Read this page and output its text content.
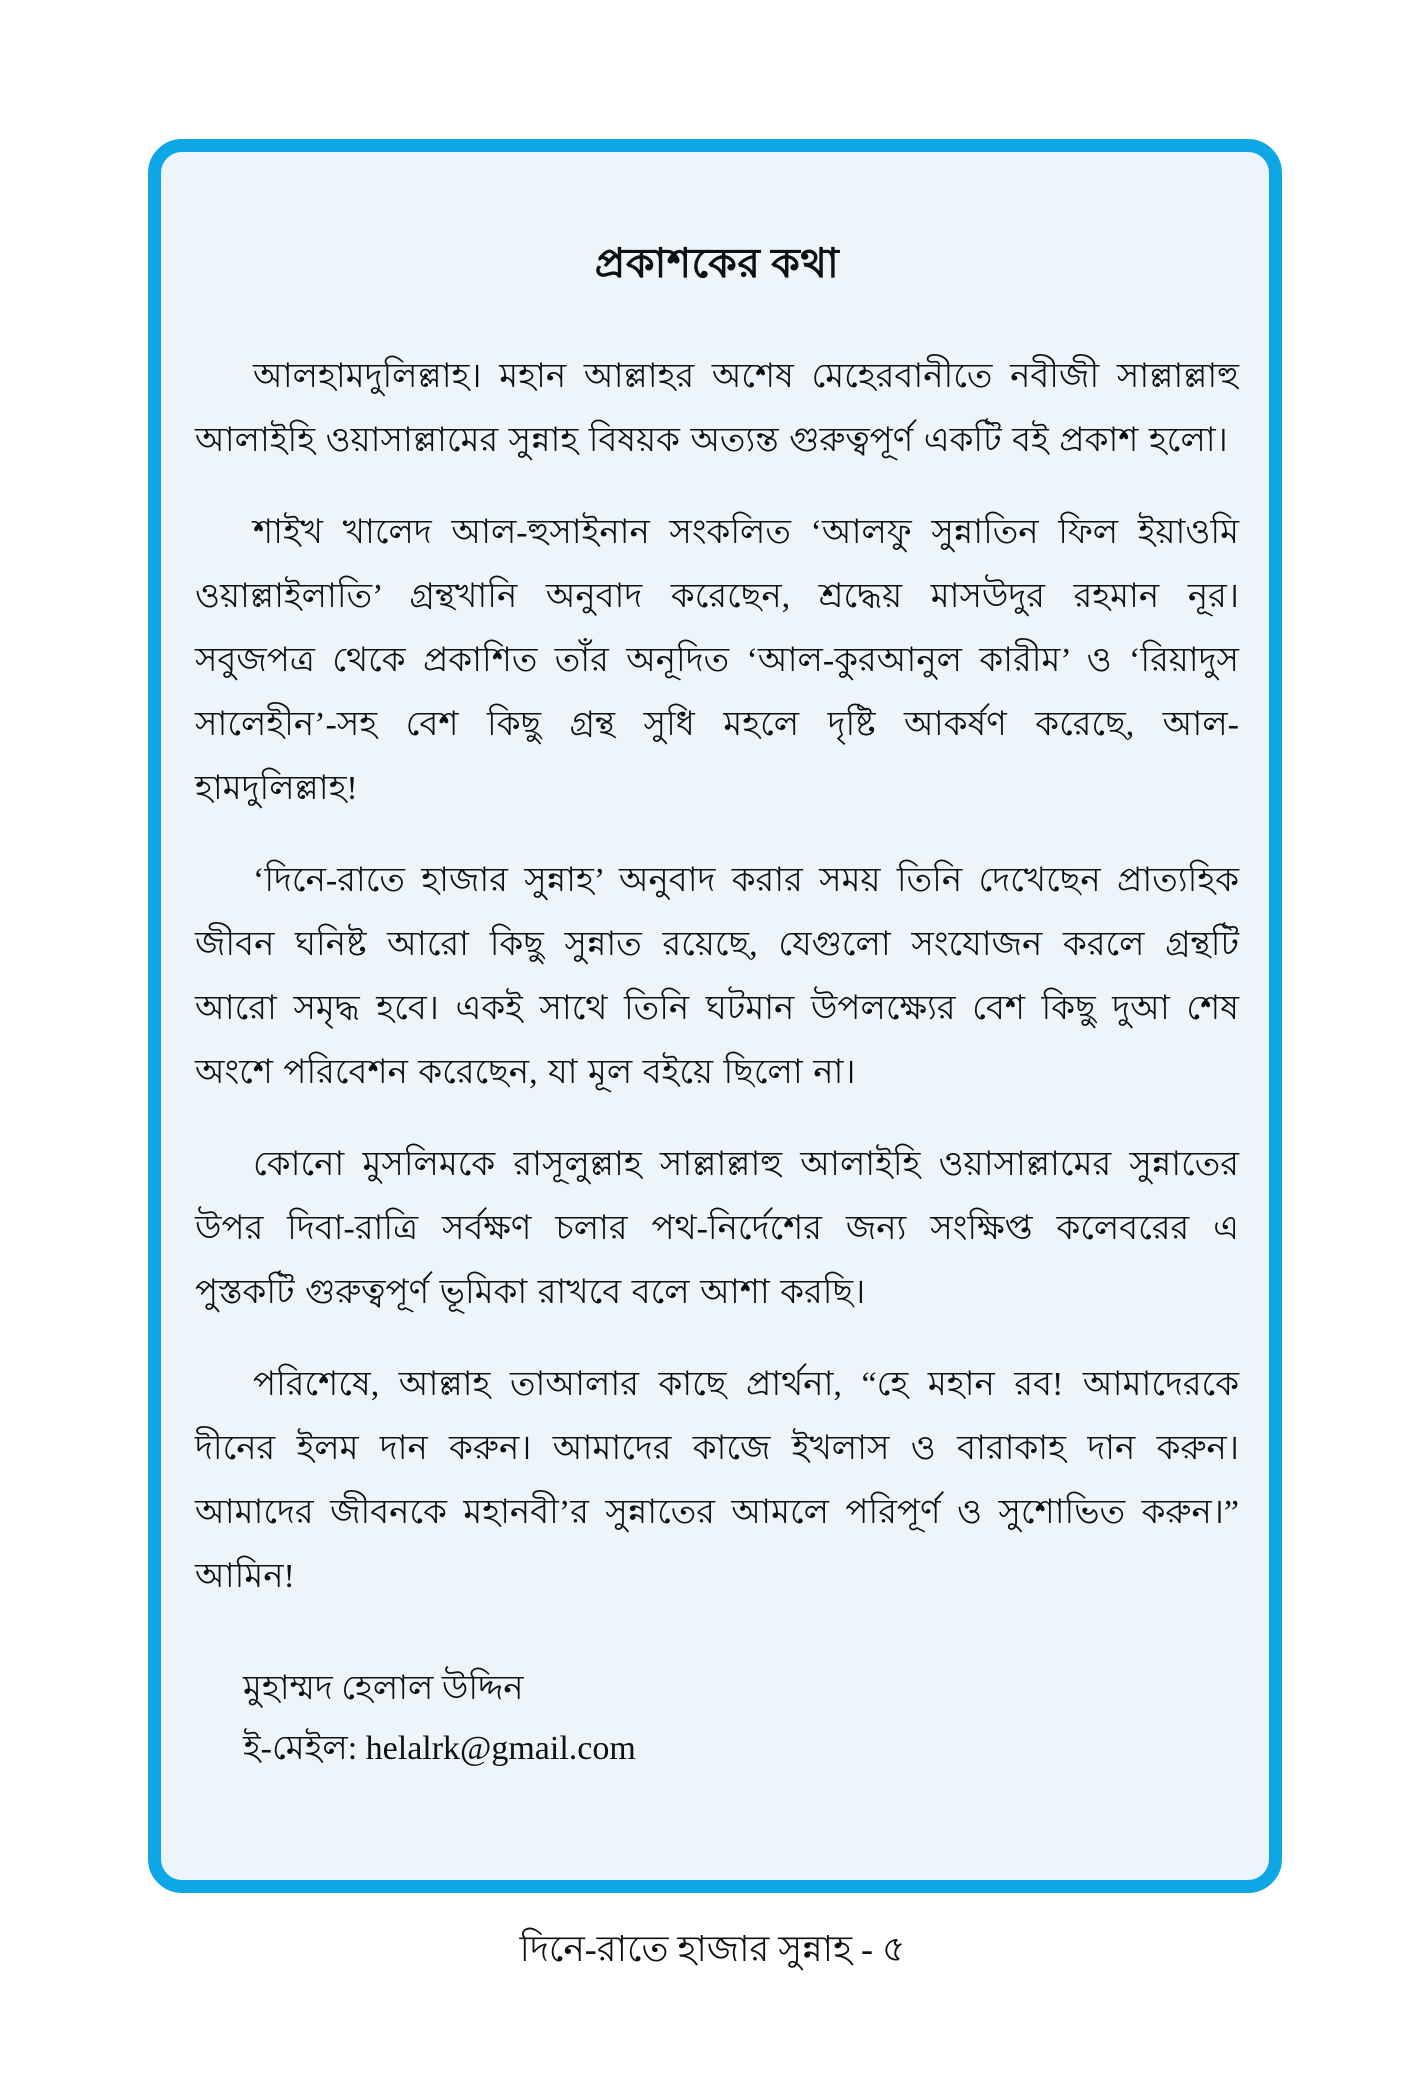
প্রকাশকের কথা

আলহামদুলিল্লাহ। মহান আল্লাহর অশেষ মেহেরবানীতে নবীজী সাল্লাল্লাহু আলাইহি ওয়াসাল্লামের সুন্নাহ বিষয়ক অত্যন্ত গুরুত্বপূর্ণ একটি বই প্রকাশ হলো।

শাইখ খালেদ আল-হুসাইনান সংকলিত ‘আলফু সুন্নাতিন ফিল ইয়াওমি ওয়াল্লাইলাতি’ গ্রন্থখানি অনুবাদ করেছেন, শ্রদ্ধেয় মাসউদুর রহমান নূর। সবুজপত্র থেকে প্রকাশিত তাঁর অনূদিত ‘আল-কুরআনুল কারীম’ ও ‘রিয়াদুস সালেহীন’-সহ বেশ কিছু গ্রন্থ সুধি মহলে দৃষ্টি আকর্ষণ করেছে, আল-হামদুলিল্লাহ!

‘দিনে-রাতে হাজার সুন্নাহ’ অনুবাদ করার সময় তিনি দেখেছেন প্রাত্যহিক জীবন ঘনিষ্ট আরো কিছু সুন্নাত রয়েছে, যেগুলো সংযোজন করলে গ্রন্থটি আরো সমৃদ্ধ হবে। একই সাথে তিনি ঘটমান উপলক্ষ্যের বেশ কিছু দুআ শেষ অংশে পরিবেশন করেছেন, যা মূল বইয়ে ছিলো না।

কোনো মুসলিমকে রাসূলুল্লাহ সাল্লাল্লাহু আলাইহি ওয়াসাল্লামের সুন্নাতের উপর দিবা-রাত্রি সর্বক্ষণ চলার পথ-নির্দেশের জন্য সংক্ষিপ্ত কলেবরের এ পুস্তকটি গুরুত্বপূর্ণ ভূমিকা রাখবে বলে আশা করছি।

পরিশেষে, আল্লাহ তাআলার কাছে প্রার্থনা, “হে মহান রব! আমাদেরকে দীনের ইলম দান করুন। আমাদের কাজে ইখলাস ও বারাকাহ দান করুন। আমাদের জীবনকে মহানবী’র সুন্নাতের আমলে পরিপূর্ণ ও সুশোভিত করুন।” আমিন!

মুহাম্মদ হেলাল উদ্দিন
ই-মেইল: helalrk@gmail.com
দিনে-রাতে হাজার সুন্নাহ - ৫
